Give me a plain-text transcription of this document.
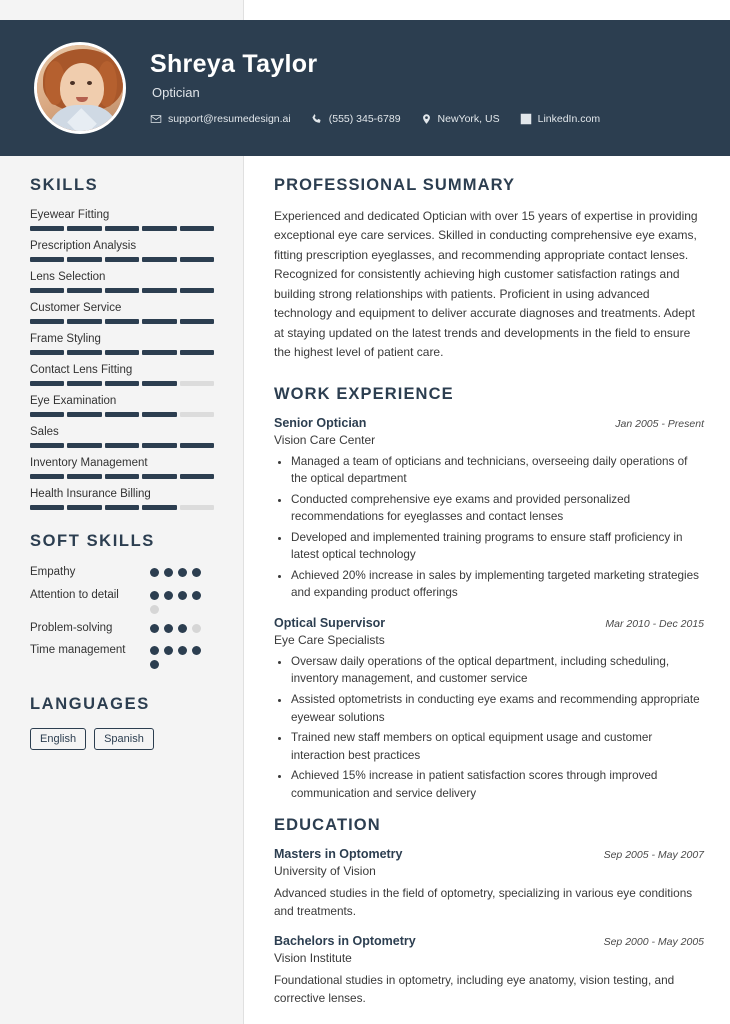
Shreya Taylor
Optician
support@resumedesign.ai	(555) 345-6789	NewYork, US	LinkedIn.com
SKILLS
Eyewear Fitting
Prescription Analysis
Lens Selection
Customer Service
Frame Styling
Contact Lens Fitting
Eye Examination
Sales
Inventory Management
Health Insurance Billing
SOFT SKILLS
Empathy
Attention to detail
Problem-solving
Time management
LANGUAGES
English	Spanish
PROFESSIONAL SUMMARY
Experienced and dedicated Optician with over 15 years of expertise in providing exceptional eye care services. Skilled in conducting comprehensive eye exams, fitting prescription eyeglasses, and recommending appropriate contact lenses. Recognized for consistently achieving high customer satisfaction ratings and building strong relationships with patients. Proficient in using advanced technology and equipment to deliver accurate diagnoses and treatments. Adept at staying updated on the latest trends and developments in the field to ensure the highest level of patient care.
WORK EXPERIENCE
Senior Optician	Jan 2005 - Present
Vision Care Center
• Managed a team of opticians and technicians, overseeing daily operations of the optical department
• Conducted comprehensive eye exams and provided personalized recommendations for eyeglasses and contact lenses
• Developed and implemented training programs to ensure staff proficiency in latest optical technology
• Achieved 20% increase in sales by implementing targeted marketing strategies and expanding product offerings
Optical Supervisor	Mar 2010 - Dec 2015
Eye Care Specialists
• Oversaw daily operations of the optical department, including scheduling, inventory management, and customer service
• Assisted optometrists in conducting eye exams and recommending appropriate eyewear solutions
• Trained new staff members on optical equipment usage and customer interaction best practices
• Achieved 15% increase in patient satisfaction scores through improved communication and service delivery
EDUCATION
Masters in Optometry	Sep 2005 - May 2007
University of Vision
Advanced studies in the field of optometry, specializing in various eye conditions and treatments.
Bachelors in Optometry	Sep 2000 - May 2005
Vision Institute
Foundational studies in optometry, including eye anatomy, vision testing, and corrective lenses.
